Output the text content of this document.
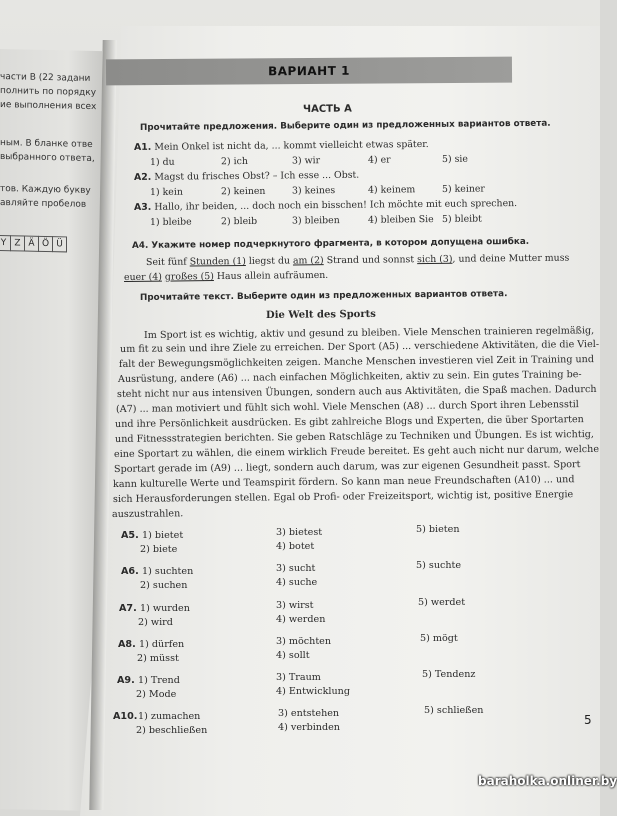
части В (22 задани
полнить по порядку
ие выполнения всех
ным. В бланке отве
выбранного ответа,
тов. Каждую букву
авляйте пробелов
Y Z Ä Ö Ü
ВАРИАНТ 1
ЧАСТЬ А
Прочитайте предложения. Выберите один из предложенных вариантов ответа.
А1. Mein Onkel ist nicht da, ... kommt vielleicht etwas später.
1) du	2) ich	3) wir	4) er	5) sie
А2. Magst du frisches Obst? – Ich esse ... Obst.
1) kein	2) keinen	3) keines	4) keinem	5) keiner
А3. Hallo, ihr beiden, ... doch noch ein bisschen! Ich möchte mit euch sprechen.
1) bleibe	2) bleib	3) bleiben	4) bleiben Sie 5) bleibt
А4. Укажите номер подчеркнутого фрагмента, в котором допущена ошибка.
Seit fünf Stunden (1) liegst du am (2) Strand und sonnst sich (3), und deine Mutter muss
euer (4) großes (5) Haus allein aufräumen.
Прочитайте текст. Выберите один из предложенных вариантов ответа.
Die Welt des Sports
Im Sport ist es wichtig, aktiv und gesund zu bleiben. Viele Menschen trainieren regelmäßig,
um fit zu sein und ihre Ziele zu erreichen. Der Sport (A5) ... verschiedene Aktivitäten, die die Viel-
falt der Bewegungsmöglichkeiten zeigen. Manche Menschen investieren viel Zeit in Training und
Ausrüstung, andere (A6) ... nach einfachen Möglichkeiten, aktiv zu sein. Ein gutes Training be-
steht nicht nur aus intensiven Übungen, sondern auch aus Aktivitäten, die Spaß machen. Dadurch
(A7) ... man motiviert und fühlt sich wohl. Viele Menschen (A8) ... durch Sport ihren Lebensstil
und ihre Persönlichkeit ausdrücken. Es gibt zahlreiche Blogs und Experten, die über Sportarten
und Fitnessstrategien berichten. Sie geben Ratschläge zu Techniken und Übungen. Es ist wichtig,
eine Sportart zu wählen, die einem wirklich Freude bereitet. Es geht auch nicht nur darum, welche
Sportart gerade im (A9) ... liegt, sondern auch darum, was zur eigenen Gesundheit passt. Sport
kann kulturelle Werte und Teamspirit fördern. So kann man neue Freundschaften (A10) ... und
sich Herausforderungen stellen. Egal ob Profi- oder Freizeitsport, wichtig ist, positive Energie
auszustrahlen.
A5. 1) bietet
2) biete
3) bietest
4) botet
5) bieten
A6. 1) suchten
2) suchen
3) sucht
4) suche
5) suchte
A7. 1) wurden
2) wird
3) wirst
4) werden
5) werdet
A8. 1) dürfen
2) müsst
3) möchten
4) sollt
5) mögt
A9. 1) Trend
2) Mode
3) Traum
4) Entwicklung
5) Tendenz
A10. 1) zumachen
2) beschließen
3) entstehen
4) verbinden
5) schließen
5
baraholka.onliner.by
